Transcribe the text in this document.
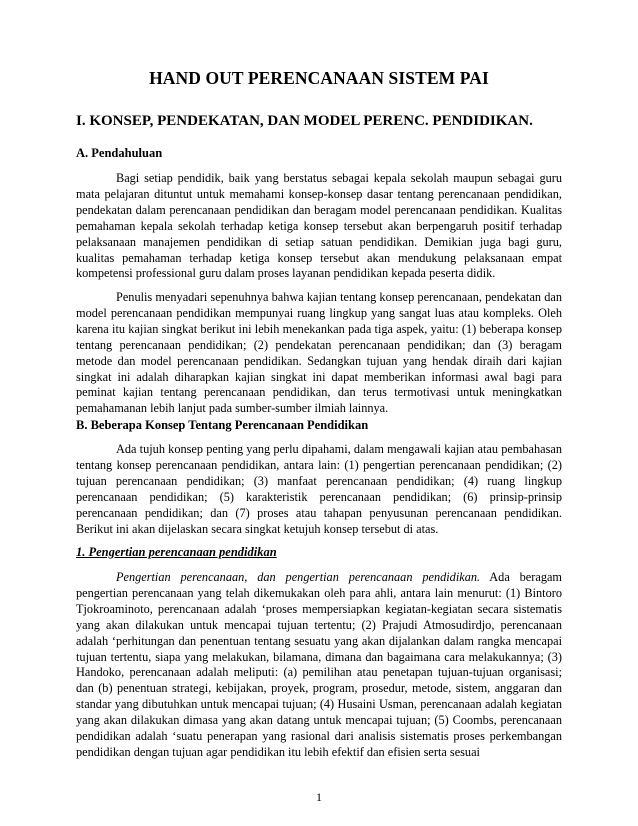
HAND OUT PERENCANAAN SISTEM PAI
I. KONSEP, PENDEKATAN, DAN MODEL PERENC. PENDIDIKAN.
A. Pendahuluan

Bagi setiap pendidik, baik yang berstatus sebagai kepala sekolah maupun sebagai guru mata pelajaran dituntut untuk memahami konsep-konsep dasar tentang perencanaan pendidikan, pendekatan dalam perencanaan pendidikan dan beragam model perencanaan pendidikan. Kualitas pemahaman kepala sekolah terhadap ketiga konsep tersebut akan berpengaruh positif terhadap pelaksanaan manajemen pendidikan di setiap satuan pendidikan. Demikian juga bagi guru, kualitas pemahaman terhadap ketiga konsep tersebut akan mendukung pelaksanaan empat kompetensi professional guru dalam proses layanan pendidikan kepada peserta didik.

Penulis menyadari sepenuhnya bahwa kajian tentang konsep perencanaan, pendekatan dan model perencanaan pendidikan mempunyai ruang lingkup yang sangat luas atau kompleks. Oleh karena itu kajian singkat berikut ini lebih menekankan pada tiga aspek, yaitu: (1) beberapa konsep tentang perencanaan pendidikan; (2) pendekatan perencanaan pendidikan; dan (3) beragam metode dan model perencanaan pendidikan. Sedangkan tujuan yang hendak diraih dari kajian singkat ini adalah diharapkan kajian singkat ini dapat memberikan informasi awal bagi para peminat kajian tentang perencanaan pendidikan, dan terus termotivasi untuk meningkatkan pemahamanan lebih lanjut pada sumber-sumber ilmiah lainnya.

B. Beberapa Konsep Tentang Perencanaan Pendidikan

Ada tujuh konsep penting yang perlu dipahami, dalam mengawali kajian atau pembahasan tentang konsep perencanaan pendidikan, antara lain: (1) pengertian perencanaan pendidikan; (2) tujuan perencanaan pendidikan; (3) manfaat perencanaan pendidikan; (4) ruang lingkup perencanaan pendidikan; (5) karakteristik perencanaan pendidikan; (6) prinsip-prinsip perencanaan pendidikan; dan (7) proses atau tahapan penyusunan perencanaan pendidikan. Berikut ini akan dijelaskan secara singkat ketujuh konsep tersebut di atas.

1. Pengertian perencanaan pendidikan

Pengertian perencanaan, dan pengertian perencanaan pendidikan. Ada beragam pengertian perencanaan yang telah dikemukakan oleh para ahli, antara lain menurut: (1) Bintoro Tjokroaminoto, perencanaan adalah ‘proses mempersiapkan kegiatan-kegiatan secara sistematis yang akan dilakukan untuk mencapai tujuan tertentu; (2) Prajudi Atmosudirdjo, perencanaan adalah ‘perhitungan dan penentuan tentang sesuatu yang akan dijalankan dalam rangka mencapai tujuan tertentu, siapa yang melakukan, bilamana, dimana dan bagaimana cara melakukannya; (3) Handoko, perencanaan adalah meliputi: (a) pemilihan atau penetapan tujuan-tujuan organisasi; dan (b) penentuan strategi, kebijakan, proyek, program, prosedur, metode, sistem, anggaran dan standar yang dibutuhkan untuk mencapai tujuan; (4) Husaini Usman, perencanaan adalah kegiatan yang akan dilakukan dimasa yang akan datang untuk mencapai tujuan; (5) Coombs, perencanaan pendidikan adalah ‘suatu penerapan yang rasional dari analisis sistematis proses perkembangan pendidikan dengan tujuan agar pendidikan itu lebih efektif dan efisien serta sesuai

1
